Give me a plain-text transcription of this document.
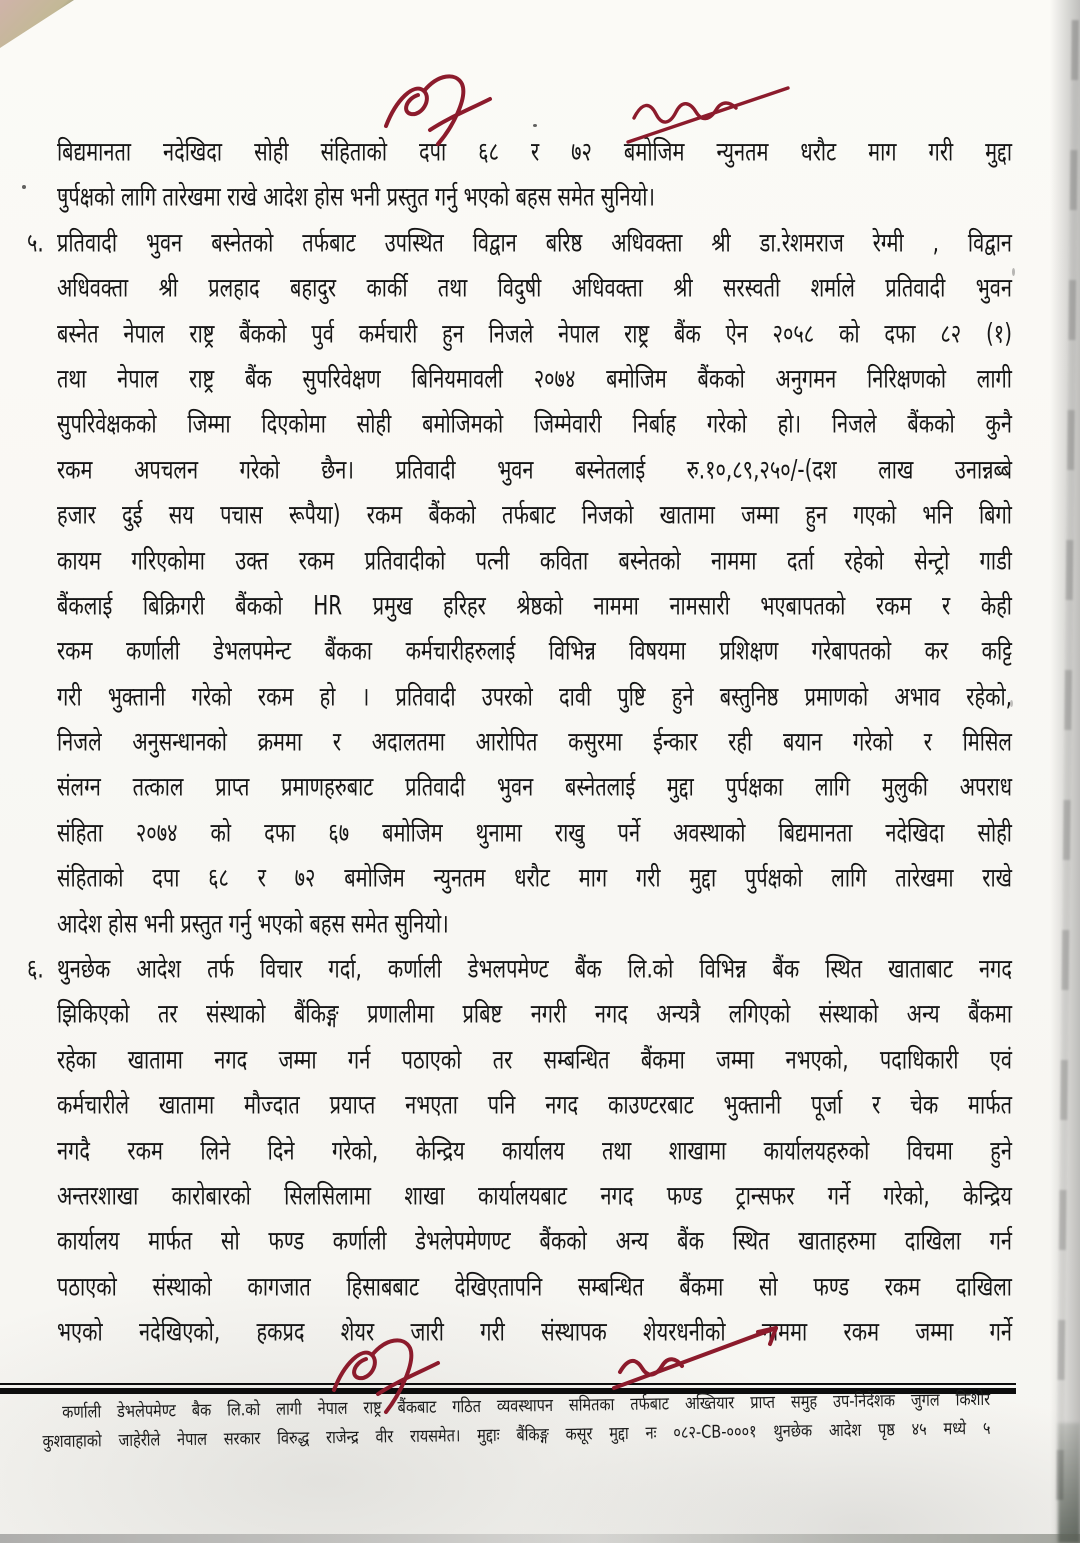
बिद्यमानता नदेखिदा सोही संहिताको दपा ६८ र ७२ बमोजिम न्युनतम धरौट माग गरी मुद्दा
पुर्पक्षको लागि तारेखमा राखे आदेश होस भनी प्रस्तुत गर्नु भएको बहस समेत सुनियो।
५. प्रतिवादी भुवन बस्नेतको तर्फबाट उपस्थित विद्वान बरिष्ठ अधिवक्ता श्री डा.रेशमराज रेग्मी , विद्वान
अधिवक्ता श्री प्रलहाद बहादुर कार्की तथा विदुषी अधिवक्ता श्री सरस्वती शर्माले प्रतिवादी भुवन
बस्नेत नेपाल राष्ट्र बैंकको पुर्व कर्मचारी हुन निजले नेपाल राष्ट्र बैंक ऐन २०५८ को दफा ८२ (१)
तथा नेपाल राष्ट्र बैंक सुपरिवेक्षण बिनियमावली २०७४ बमोजिम बैंकको अनुगमन निरिक्षणको लागी
सुपरिवेक्षकको जिम्मा दिएकोमा सोही बमोजिमको जिम्मेवारी निर्बाह गरेको हो। निजले बैंकको कुनै
रकम अपचलन गरेको छैन। प्रतिवादी भुवन बस्नेतलाई रु.१०,८९,२५०/-(दश लाख उनान्नब्बे
हजार दुई सय पचास रूपैया) रकम बैंकको तर्फबाट निजको खातामा जम्मा हुन गएको भनि बिगो
कायम गरिएकोमा उक्त रकम प्रतिवादीको पत्नी कविता बस्नेतको नाममा दर्ता रहेको सेन्ट्रो गाडी
बैंकलाई बिक्रिगरी बैंकको HR प्रमुख हरिहर श्रेष्ठको नाममा नामसारी भएबापतको रकम र केही
रकम कर्णाली डेभलपमेन्ट बैंकका कर्मचारीहरुलाई विभिन्न विषयमा प्रशिक्षण गरेबापतको कर कट्टि
गरी भुक्तानी गरेको रकम हो । प्रतिवादी उपरको दावी पुष्टि हुने बस्तुनिष्ठ प्रमाणको अभाव रहेको,
निजले अनुसन्धानको क्रममा र अदालतमा आरोपित कसुरमा ईन्कार रही बयान गरेको र मिसिल
संलग्न तत्काल प्राप्त प्रमाणहरुबाट प्रतिवादी भुवन बस्नेतलाई मुद्दा पुर्पक्षका लागि मुलुकी अपराध
संहिता २०७४ को दफा ६७ बमोजिम थुनामा राखु पर्ने अवस्थाको बिद्यमानता नदेखिदा सोही
संहिताको दपा ६८ र ७२ बमोजिम न्युनतम धरौट माग गरी मुद्दा पुर्पक्षको लागि तारेखमा राखे
आदेश होस भनी प्रस्तुत गर्नु भएको बहस समेत सुनियो।
६. थुनछेक आदेश तर्फ विचार गर्दा, कर्णाली डेभलपमेण्ट बैंक लि.को विभिन्न बैंक स्थित खाताबाट नगद
झिकिएको तर संस्थाको बैंकिङ्ग प्रणालीमा प्रबिष्ट नगरी नगद अन्यत्रै लगिएको संस्थाको अन्य बैंकमा
रहेका खातामा नगद जम्मा गर्न पठाएको तर सम्बन्धित बैंकमा जम्मा नभएको, पदाधिकारी एवं
कर्मचारीले खातामा मौज्दात प्रयाप्त नभएता पनि नगद काउण्टरबाट भुक्तानी पूर्जा र चेक मार्फत
नगदै रकम लिने दिने गरेको, केन्द्रिय कार्यालय तथा शाखामा कार्यालयहरुको विचमा हुने
अन्तरशाखा कारोबारको सिलसिलामा शाखा कार्यालयबाट नगद फण्ड ट्रान्सफर गर्ने गरेको, केन्द्रिय
कार्यालय मार्फत सो फण्ड कर्णाली डेभलेपमेणण्ट बैंकको अन्य बैंक स्थित खाताहरुमा दाखिला गर्न
पठाएको संस्थाको कागजात हिसाबबाट देखिएतापनि सम्बन्धित बैंकमा सो फण्ड रकम दाखिला
भएको नदेखिएको, हकप्रद शेयर जारी गरी संस्थापक शेयरधनीको नाममा रकम जम्मा गर्ने
कर्णाली डेभलेपमेण्ट बैक लि.को लागी नेपाल राष्ट्र बैंकबाट गठित व्यवस्थापन समितका तर्फबाट अख्तियार प्राप्त समुह उप-निर्देशक जुगल किशोर
कुशवाहाको जाहेरीले नेपाल सरकार विरुद्ध राजेन्द्र वीर रायसमेत। मुद्दाः बैंकिङ्ग कसूर मुद्दा नः ०८२-CB-०००१ थुनछेक आदेश पृष्ठ ४५ मध्ये ५
